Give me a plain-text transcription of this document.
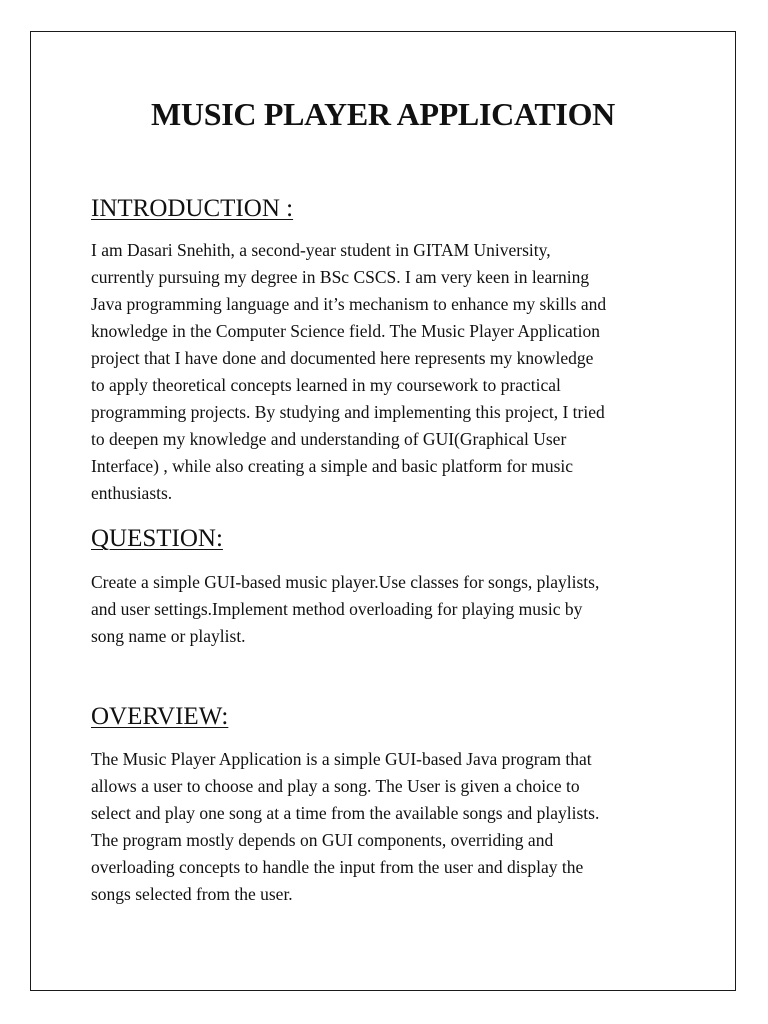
MUSIC PLAYER APPLICATION
INTRODUCTION :
I am Dasari Snehith, a second-year student in GITAM University,
currently pursuing my degree in BSc CSCS. I am very keen in learning
Java programming language and it’s mechanism to enhance my skills and
knowledge in the Computer Science field. The Music Player Application
project that I have done and documented here represents my knowledge
to apply theoretical concepts learned in my coursework to practical
programming projects. By studying and implementing this project, I tried
to deepen my knowledge and understanding of GUI(Graphical User
Interface) , while also creating a simple and basic platform for music
enthusiasts.
QUESTION:
Create a simple GUI-based music player.Use classes for songs, playlists,
and user settings.Implement method overloading for playing music by
song name or playlist.
OVERVIEW:
The Music Player Application is a simple GUI-based Java program that
allows a user to choose and play a song. The User is given a choice to
select and play one song at a time from the available songs and playlists.
The program mostly depends on GUI components, overriding and
overloading concepts to handle the input from the user and display the
songs selected from the user.
